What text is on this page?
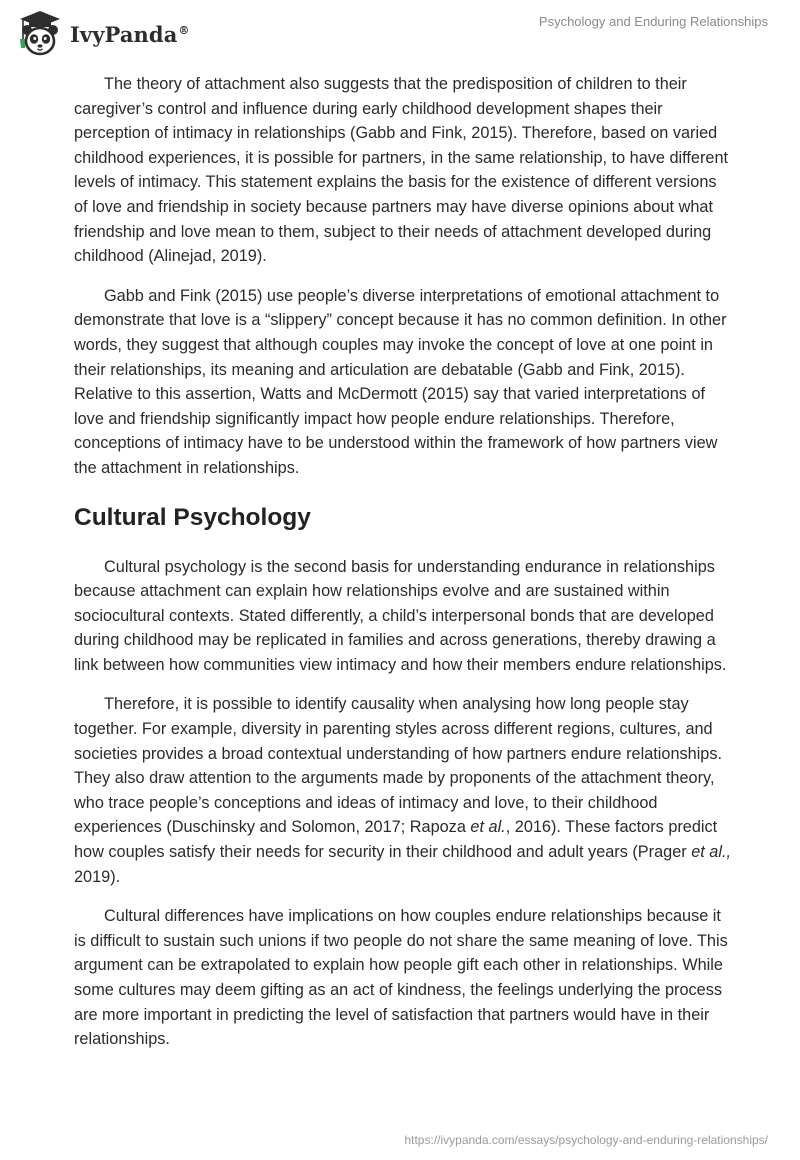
IvyPanda®
Psychology and Enduring Relationships

The theory of attachment also suggests that the predisposition of children to their caregiver’s control and influence during early childhood development shapes their perception of intimacy in relationships (Gabb and Fink, 2015). Therefore, based on varied childhood experiences, it is possible for partners, in the same relationship, to have different levels of intimacy. This statement explains the basis for the existence of different versions of love and friendship in society because partners may have diverse opinions about what friendship and love mean to them, subject to their needs of attachment developed during childhood (Alinejad, 2019).

Gabb and Fink (2015) use people’s diverse interpretations of emotional attachment to demonstrate that love is a “slippery” concept because it has no common definition. In other words, they suggest that although couples may invoke the concept of love at one point in their relationships, its meaning and articulation are debatable (Gabb and Fink, 2015). Relative to this assertion, Watts and McDermott (2015) say that varied interpretations of love and friendship significantly impact how people endure relationships. Therefore, conceptions of intimacy have to be understood within the framework of how partners view the attachment in relationships.

Cultural Psychology

Cultural psychology is the second basis for understanding endurance in relationships because attachment can explain how relationships evolve and are sustained within sociocultural contexts. Stated differently, a child’s interpersonal bonds that are developed during childhood may be replicated in families and across generations, thereby drawing a link between how communities view intimacy and how their members endure relationships.

Therefore, it is possible to identify causality when analysing how long people stay together. For example, diversity in parenting styles across different regions, cultures, and societies provides a broad contextual understanding of how partners endure relationships. They also draw attention to the arguments made by proponents of the attachment theory, who trace people’s conceptions and ideas of intimacy and love, to their childhood experiences (Duschinsky and Solomon, 2017; Rapoza et al., 2016). These factors predict how couples satisfy their needs for security in their childhood and adult years (Prager et al., 2019).

Cultural differences have implications on how couples endure relationships because it is difficult to sustain such unions if two people do not share the same meaning of love. This argument can be extrapolated to explain how people gift each other in relationships. While some cultures may deem gifting as an act of kindness, the feelings underlying the process are more important in predicting the level of satisfaction that partners would have in their relationships.

https://ivypanda.com/essays/psychology-and-enduring-relationships/
